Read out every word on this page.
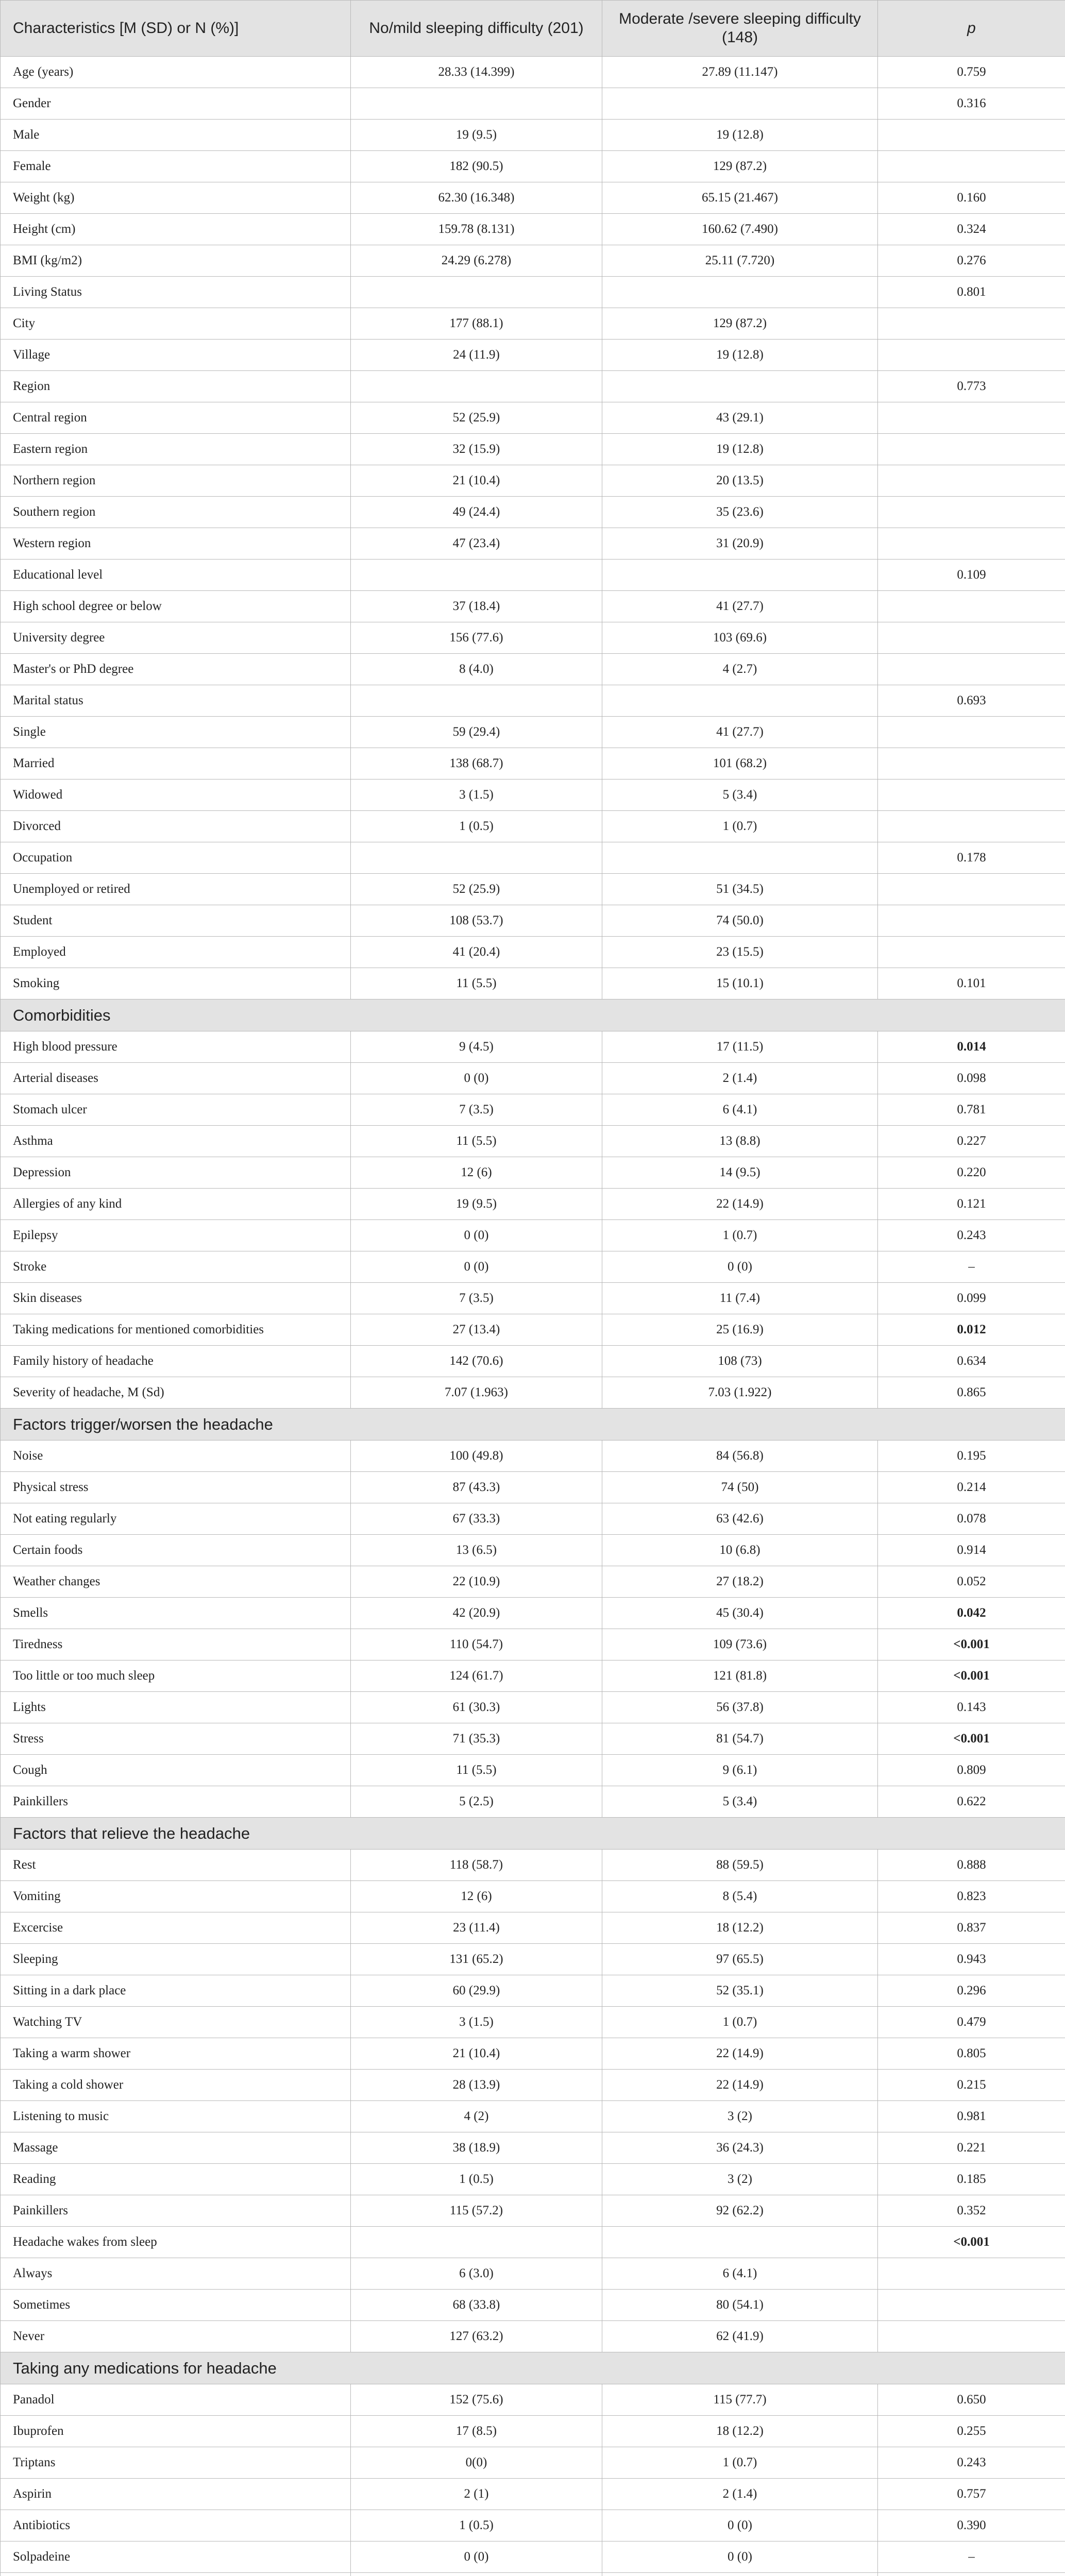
Characteristics [M (SD) or N (%)]	No/mild sleeping difficulty (201)	Moderate /severe sleeping difficulty (148)	p
Age (years)	28.33 (14.399)	27.89 (11.147)	0.759
Gender			0.316
Male	19 (9.5)	19 (12.8)	
Female	182 (90.5)	129 (87.2)	
Weight (kg)	62.30 (16.348)	65.15 (21.467)	0.160
Height (cm)	159.78 (8.131)	160.62 (7.490)	0.324
BMI (kg/m2)	24.29 (6.278)	25.11 (7.720)	0.276
Living Status			0.801
City	177 (88.1)	129 (87.2)	
Village	24 (11.9)	19 (12.8)	
Region			0.773
Central region	52 (25.9)	43 (29.1)	
Eastern region	32 (15.9)	19 (12.8)	
Northern region	21 (10.4)	20 (13.5)	
Southern region	49 (24.4)	35 (23.6)	
Western region	47 (23.4)	31 (20.9)	
Educational level			0.109
High school degree or below	37 (18.4)	41 (27.7)	
University degree	156 (77.6)	103 (69.6)	
Master's or PhD degree	8 (4.0)	4 (2.7)	
Marital status			0.693
Single	59 (29.4)	41 (27.7)	
Married	138 (68.7)	101 (68.2)	
Widowed	3 (1.5)	5 (3.4)	
Divorced	1 (0.5)	1 (0.7)	
Occupation			0.178
Unemployed or retired	52 (25.9)	51 (34.5)	
Student	108 (53.7)	74 (50.0)	
Employed	41 (20.4)	23 (15.5)	
Smoking	11 (5.5)	15 (10.1)	0.101
Comorbidities			
High blood pressure	9 (4.5)	17 (11.5)	0.014
Arterial diseases	0 (0)	2 (1.4)	0.098
Stomach ulcer	7 (3.5)	6 (4.1)	0.781
Asthma	11 (5.5)	13 (8.8)	0.227
Depression	12 (6)	14 (9.5)	0.220
Allergies of any kind	19 (9.5)	22 (14.9)	0.121
Epilepsy	0 (0)	1 (0.7)	0.243
Stroke	0 (0)	0 (0)	–
Skin diseases	7 (3.5)	11 (7.4)	0.099
Taking medications for mentioned comorbidities	27 (13.4)	25 (16.9)	0.012
Family history of headache	142 (70.6)	108 (73)	0.634
Severity of headache, M (Sd)	7.07 (1.963)	7.03 (1.922)	0.865
Factors trigger/worsen the headache			
Noise	100 (49.8)	84 (56.8)	0.195
Physical stress	87 (43.3)	74 (50)	0.214
Not eating regularly	67 (33.3)	63 (42.6)	0.078
Certain foods	13 (6.5)	10 (6.8)	0.914
Weather changes	22 (10.9)	27 (18.2)	0.052
Smells	42 (20.9)	45 (30.4)	0.042
Tiredness	110 (54.7)	109 (73.6)	<0.001
Too little or too much sleep	124 (61.7)	121 (81.8)	<0.001
Lights	61 (30.3)	56 (37.8)	0.143
Stress	71 (35.3)	81 (54.7)	<0.001
Cough	11 (5.5)	9 (6.1)	0.809
Painkillers	5 (2.5)	5 (3.4)	0.622
Factors that relieve the headache			
Rest	118 (58.7)	88 (59.5)	0.888
Vomiting	12 (6)	8 (5.4)	0.823
Excercise	23 (11.4)	18 (12.2)	0.837
Sleeping	131 (65.2)	97 (65.5)	0.943
Sitting in a dark place	60 (29.9)	52 (35.1)	0.296
Watching TV	3 (1.5)	1 (0.7)	0.479
Taking a warm shower	21 (10.4)	22 (14.9)	0.805
Taking a cold shower	28 (13.9)	22 (14.9)	0.215
Listening to music	4 (2)	3 (2)	0.981
Massage	38 (18.9)	36 (24.3)	0.221
Reading	1 (0.5)	3 (2)	0.185
Painkillers	115 (57.2)	92 (62.2)	0.352
Headache wakes from sleep			<0.001
Always	6 (3.0)	6 (4.1)	
Sometimes	68 (33.8)	80 (54.1)	
Never	127 (63.2)	62 (41.9)	
Taking any medications for headache			
Panadol	152 (75.6)	115 (77.7)	0.650
Ibuprofen	17 (8.5)	18 (12.2)	0.255
Triptans	0(0)	1 (0.7)	0.243
Aspirin	2 (1)	2 (1.4)	0.757
Antibiotics	1 (0.5)	0 (0)	0.390
Solpadeine	0 (0)	0 (0)	–
